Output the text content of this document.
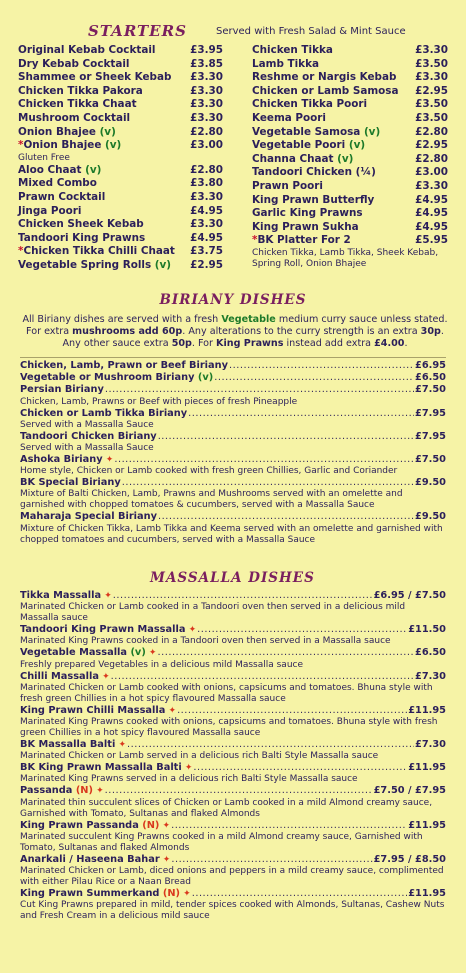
STARTERS	Served with Fresh Salad & Mint Sauce
Original Kebab Cocktail	£3.95
Dry Kebab Cocktail	£3.85
Shammee or Sheek Kebab £3.30
Chicken Tikka Pakora	£3.30
Chicken Tikka Chaat	£3.30
Mushroom Cocktail	£3.30
Onion Bhajee (v)	£2.80
*Onion Bhajee (v)	£3.00
Gluten Free
Aloo Chaat (v)	£2.80
Mixed Combo	£3.80
Prawn Cocktail	£3.30
Jinga Poori	£4.95
Chicken Sheek Kebab	£3.30
Tandoori King Prawns	£4.95
*Chicken Tikka Chilli Chaat £3.75
Vegetable Spring Rolls (v) £2.95
Chicken Tikka	£3.30
Lamb Tikka	£3.50
Reshme or Nargis Kebab £3.30
Chicken or Lamb Samosa £2.95
Chicken Tikka Poori	£3.50
Keema Poori	£3.50
Vegetable Samosa (v)	£2.80
Vegetable Poori (v)	£2.95
Channa Chaat (v)	£2.80
Tandoori Chicken (¼)	£3.00
Prawn Poori	£3.30
King Prawn Butterfly	£4.95
Garlic King Prawns	£4.95
King Prawn Sukha	£4.95
*BK Platter For 2	£5.95
Chicken Tikka, Lamb Tikka, Sheek Kebab, Spring Roll, Onion Bhajee
BIRIANY DISHES
All Biriany dishes are served with a fresh Vegetable medium curry sauce unless stated. For extra mushrooms add 60p. Any alterations to the curry strength is an extra 30p. Any other sauce extra 50p. For King Prawns instead add extra £4.00.
Chicken, Lamb, Prawn or Beef Biriany .....	£6.95
Vegetable or Mushroom Biriany (v) .....	£6.50
Persian Biriany .....	£7.50
Chicken, Lamb, Prawns or Beef with pieces of fresh Pineapple
Chicken or Lamb Tikka Biriany .....	£7.95
Served with a Massalla Sauce
Tandoori Chicken Biriany .....	£7.95
Served with a Massalla Sauce
Ashoka Biriany ✦ .....	£7.50
Home style, Chicken or Lamb cooked with fresh green Chillies, Garlic and Coriander
BK Special Biriany .....	£9.50
Mixture of Balti Chicken, Lamb, Prawns and Mushrooms served with an omelette and garnished with chopped tomatoes & cucumbers, served with a Massalla Sauce
Maharaja Special Biriany .....	£9.50
Mixture of Chicken Tikka, Lamb Tikka and Keema served with an omelette and garnished with chopped tomatoes and cucumbers, served with a Massalla Sauce
MASSALLA DISHES
Tikka Massalla ✦ .....	£6.95 / £7.50
Marinated Chicken or Lamb cooked in a Tandoori oven then served in a delicious mild Massalla sauce
Tandoori King Prawn Massalla ✦ .....	£11.50
Marinated King Prawns cooked in a Tandoori oven then served in a Massalla sauce
Vegetable Massalla (v) ✦ .....	£6.50
Freshly prepared Vegetables in a delicious mild Massalla sauce
Chilli Massalla ✦ .....	£7.30
Marinated Chicken or Lamb cooked with onions, capsicums and tomatoes. Bhuna style with fresh green Chillies in a hot spicy flavoured Massalla sauce
King Prawn Chilli Massalla ✦ .....	£11.95
Marinated King Prawns cooked with onions, capsicums and tomatoes. Bhuna style with fresh green Chillies in a hot spicy flavoured Massalla sauce
BK Massalla Balti ✦ .....	£7.30
Marinated Chicken or Lamb served in a delicious rich Balti Style Massalla sauce
BK King Prawn Massalla Balti ✦ .....	£11.95
Marinated King Prawns served in a delicious rich Balti Style Massalla sauce
Passanda (N) ✦ .....	£7.50 / £7.95
Marinated thin succulent slices of Chicken or Lamb cooked in a mild Almond creamy sauce, Garnished with Tomato, Sultanas and flaked Almonds
King Prawn Passanda (N) ✦ .....	£11.95
Marinated succulent King Prawns cooked in a mild Almond creamy sauce, Garnished with Tomato, Sultanas and flaked Almonds
Anarkali / Haseena Bahar ✦ .....	£7.95 / £8.50
Marinated Chicken or Lamb, diced onions and peppers in a mild creamy sauce, complimented with either Pilau Rice or a Naan Bread
King Prawn Summerkand (N) ✦ .....	£11.95
Cut King Prawns prepared in mild, tender spices cooked with Almonds, Sultanas, Cashew Nuts and Fresh Cream in a delicious mild sauce
